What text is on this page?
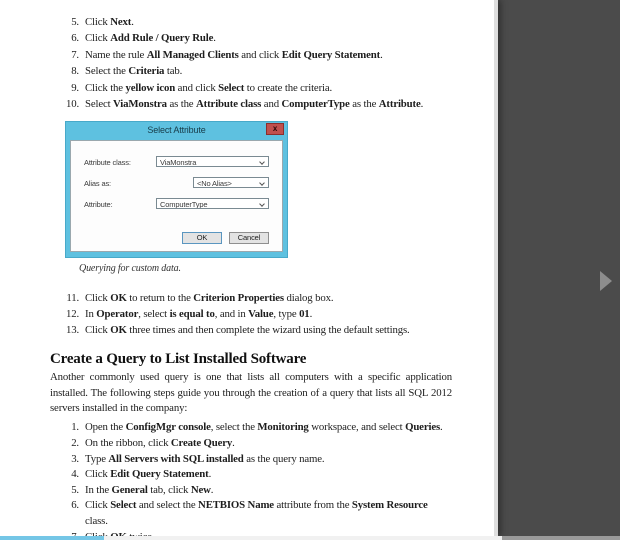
5. Click Next.
6. Click Add Rule / Query Rule.
7. Name the rule All Managed Clients and click Edit Query Statement.
8. Select the Criteria tab.
9. Click the yellow icon and click Select to create the criteria.
10. Select ViaMonstra as the Attribute class and ComputerType as the Attribute.
Select Attribute	x
Attribute class:	ViaMonstra
Alias as:	<No Alias>
Attribute:	ComputerType
OK	Cancel
Querying for custom data.
11. Click OK to return to the Criterion Properties dialog box.
12. In Operator, select is equal to, and in Value, type 01.
13. Click OK three times and then complete the wizard using the default settings.
Create a Query to List Installed Software

Another commonly used query is one that lists all computers with a specific application installed. The following steps guide you through the creation of a query that lists all SQL 2012 servers installed in the company:

1. Open the ConfigMgr console, select the Monitoring workspace, and select Queries.
2. On the ribbon, click Create Query.
3. Type All Servers with SQL installed as the query name.
4. Click Edit Query Statement.
5. In the General tab, click New.
6. Click Select and select the NETBIOS Name attribute from the System Resource class.
